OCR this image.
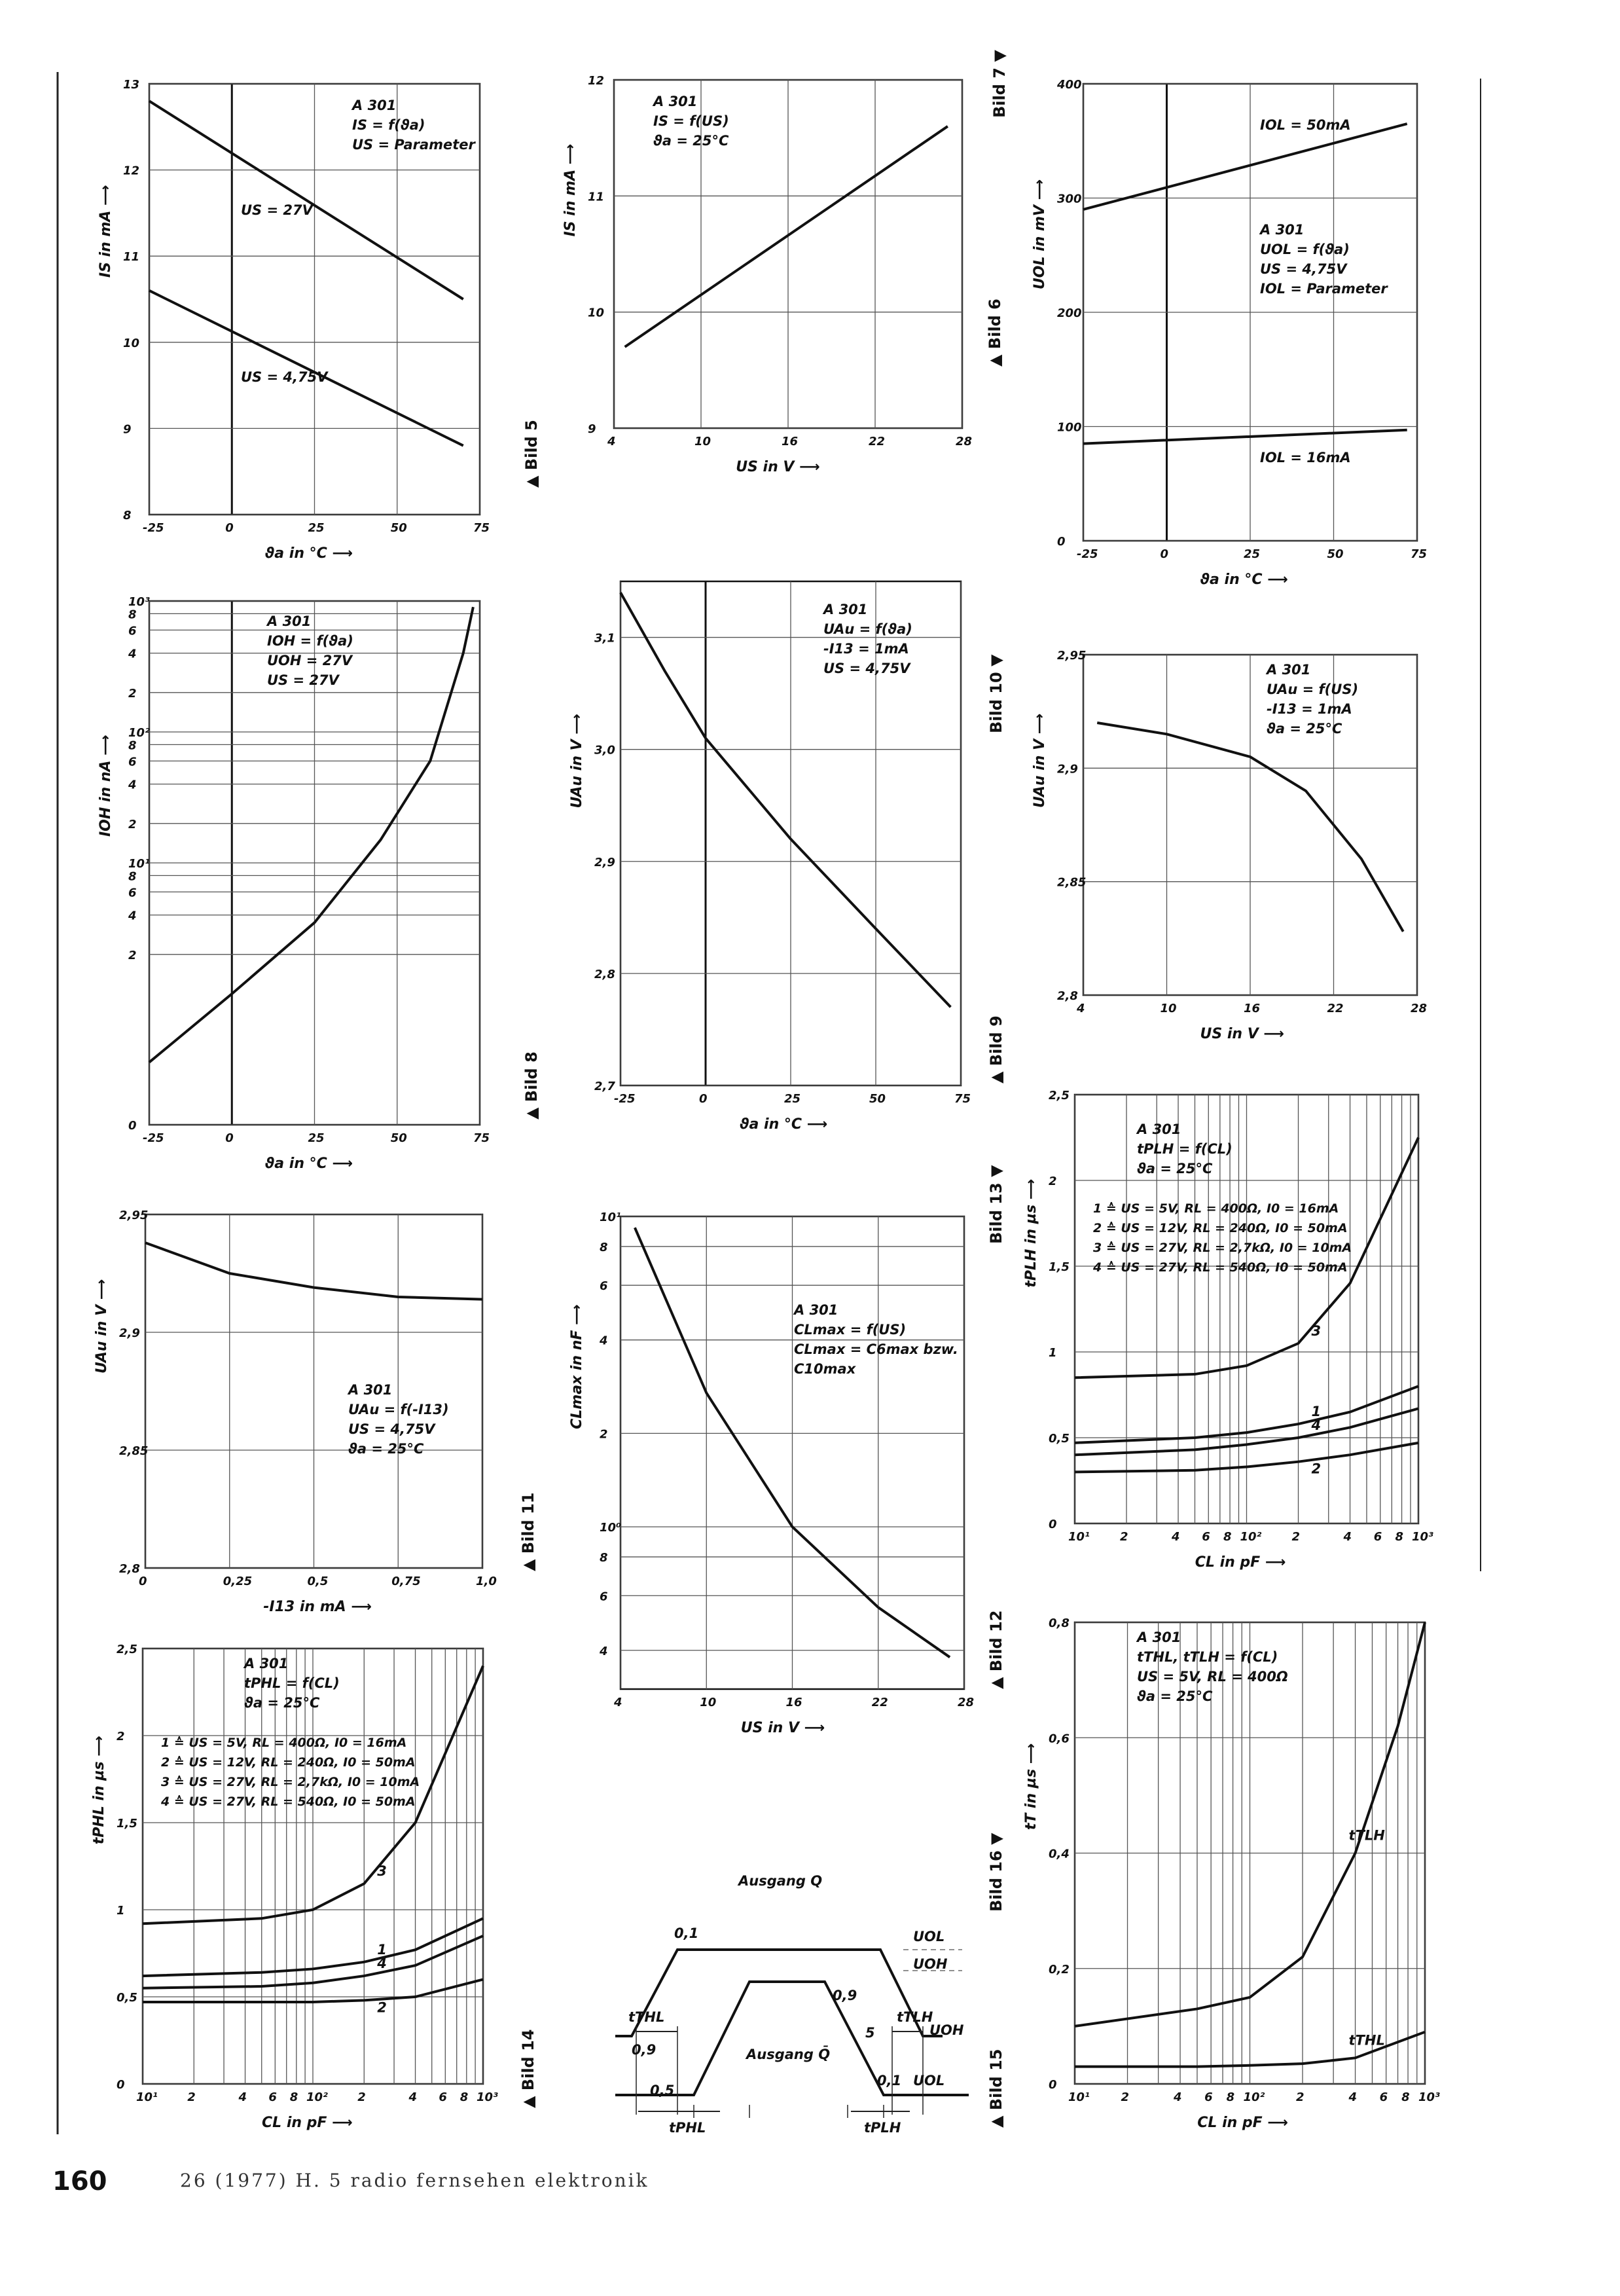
-25	0	25	50	75
8
9
10
11
12
13
ϑa in °C ⟶
IS in mA ⟶
A 301
IS = f(ϑa)
US = Parameter
US = 27V
US = 4,75V
▲ Bild 5	4	10	16	22	28
9
10
11
12
US in V ⟶
IS in mA ⟶
A 301
IS = f(US)
ϑa = 25°C
▲ Bild 6
-25	0	25	50	75
0
100
200
300
400
ϑa in °C ⟶
UOL in mV ⟶	A 301
UOL = f(ϑa)
US = 4,75V
IOL = Parameter
IOL = 50mA
IOL = 16mA
Bild 7 ▼
-25	0	25	50	75
10³
8
6
4
2
10²
8
6
4
2
10¹
8
6
4
2
0
ϑa in °C ⟶
IOH in nA ⟶
A 301
IOH = f(ϑa)
UOH = 27V
US = 27V
▲ Bild 8	-25	0	25	50	75
2,7
2,8
2,9
3,0
3,1
ϑa in °C ⟶
UAu in V ⟶
A 301
UAu = f(ϑa)
-I13 = 1mA
US = 4,75V
▲ Bild 9
4	10	16	22	28
2,8
2,85
2,9
2,95
US in V ⟶
UAu in V ⟶
A 301
UAu = f(US)
-I13 = 1mA
ϑa = 25°C
Bild 10 ▼
0	0,25	0,5	0,75	1,0
2,8
2,85
2,9
2,95
-I13 in mA ⟶
UAu in V ⟶
A 301
UAu = f(-I13)
US = 4,75V
ϑa = 25°C
▲ Bild 11
4	10	16	22	28
10¹
8
6
4
2
10⁰
8
6
4
US in V ⟶
CLmax in nF ⟶	A 301
CLmax = f(US)
CLmax = C6max bzw.
C10max
▲ Bild 12
10¹	2	4 6 8 10²	2	4 6 8 10³
0
0,5
1
1,5
2
2,5
CL in pF ⟶
tPLH in µs ⟶
A 301
tPLH = f(CL)
ϑa = 25°C
1 ≙ US = 5V, RL = 400Ω, I0 = 16mA
2 ≙ US = 12V, RL = 240Ω, I0 = 50mA
3 ≙ US = 27V, RL = 2,7kΩ, I0 = 10mA
4 ≙ US = 27V, RL = 540Ω, I0 = 50mA
3
1
4
2
Bild 13 ▼
10¹	2	4 6 8 10²	2	4 6 8 10³
0
0,5
1
1,5
2
2,5
CL in pF ⟶
tPHL in µs ⟶
A 301
tPHL = f(CL)
ϑa = 25°C
1 ≙ US = 5V, RL = 400Ω, I0 = 16mA
2 ≙ US = 12V, RL = 240Ω, I0 = 50mA
3 ≙ US = 27V, RL = 2,7kΩ, I0 = 10mA
4 ≙ US = 27V, RL = 540Ω, I0 = 50mA
3
1
4
2
▲ Bild 14	10¹	2	4 6 8 10²	2	4 6 8 10³
0
0,2
0,4
0,6
0,8
CL in pF ⟶
tT in µs ⟶
A 301
tTHL, tTLH = f(CL)
US = 5V, RL = 400Ω
ϑa = 25°C
tTLH
tTHL
Bild 16 ▼
tTHL	tTLH
UOH
UOL
UOH
UOL
0,9
0,5
0,1
0,9
5
0,1
Ausgang Q
Ausgang Q̄
tPHL	tPLH	▲ Bild 15
160	26 (1977) H. 5 radio fernsehen elektronik
